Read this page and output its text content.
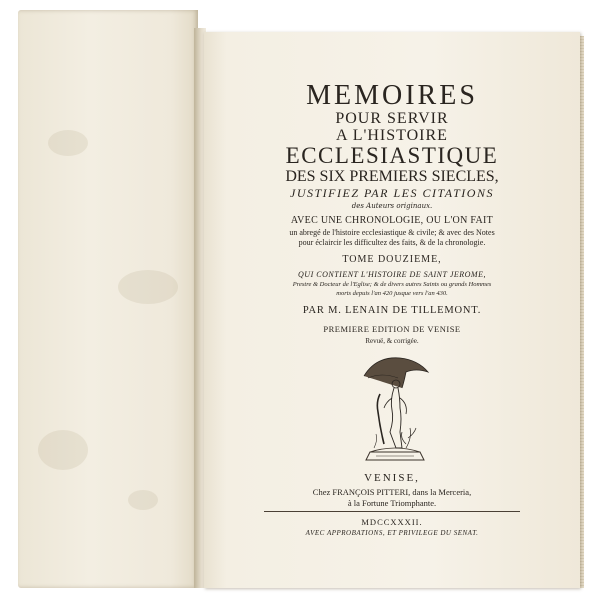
MEMOIRES
POUR SERVIR
A L'HISTOIRE
ECCLESIASTIQUE
DES SIX PREMIERS SIECLES,
JUSTIFIEZ PAR LES CITATIONS
des Auteurs originaux.
AVEC UNE CHRONOLOGIE, OU L'ON FAIT
un abregé de l'histoire ecclesiastique & civile; & avec des Notes
pour éclaircir les difficultez des faits, & de la chronologie.
TOME DOUZIEME,
QUI CONTIENT L'HISTOIRE DE SAINT JEROME,
Prestre & Docteur de l'Eglise; & de divers autres Saints ou grands Hommes
morts depuis l'an 420 jusque vers l'an 430.
PAR M. LENAIN DE TILLEMONT.
PREMIERE EDITION DE VENISE
Revuë, & corrigée.
VENISE,
Chez FRANÇOIS PITTERI, dans la Merceria,
à la Fortune Triomphante.
MDCCXXXII.
AVEC APPROBATIONS, ET PRIVILEGE DU SENAT.
